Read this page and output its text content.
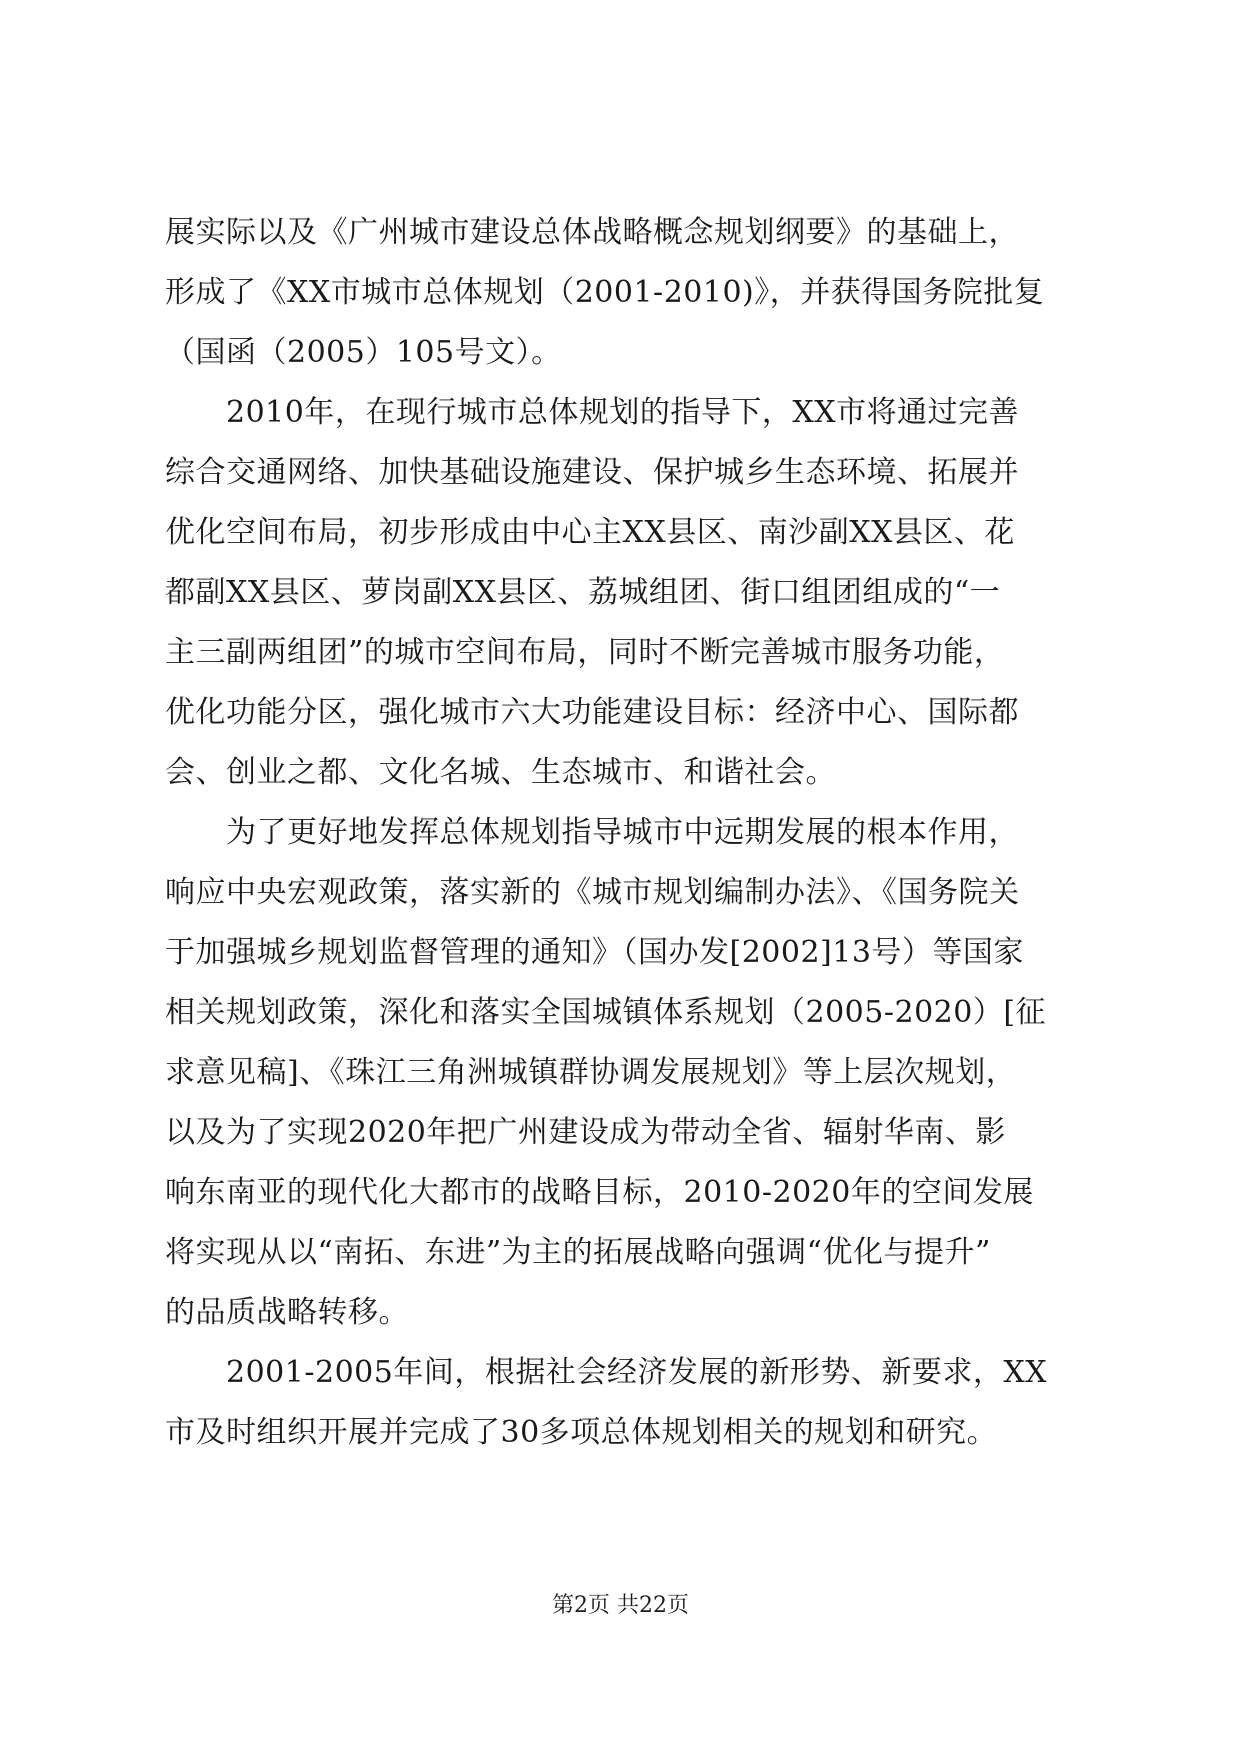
展实际以及《广州城市建设总体战略概念规划纲要》的基础上，
形成了《XX市城市总体规划（2001-2010)》，并获得国务院批复
（国函（2005）105号文）。
　　2010年，在现行城市总体规划的指导下，XX市将通过完善
综合交通网络、加快基础设施建设、保护城乡生态环境、拓展并
优化空间布局，初步形成由中心主XX县区、南沙副XX县区、花
都副XX县区、萝岗副XX县区、荔城组团、街口组团组成的“一
主三副两组团”的城市空间布局，同时不断完善城市服务功能，
优化功能分区，强化城市六大功能建设目标：经济中心、国际都
会、创业之都、文化名城、生态城市、和谐社会。
　　为了更好地发挥总体规划指导城市中远期发展的根本作用，
响应中央宏观政策，落实新的《城市规划编制办法》、《国务院关
于加强城乡规划监督管理的通知》（国办发[2002]13号）等国家
相关规划政策，深化和落实全国城镇体系规划（2005-2020）[征
求意见稿]、《珠江三角洲城镇群协调发展规划》等上层次规划，
以及为了实现2020年把广州建设成为带动全省、辐射华南、影
响东南亚的现代化大都市的战略目标，2010-2020年的空间发展
将实现从以“南拓、东进”为主的拓展战略向强调“优化与提升”
的品质战略转移。
　　2001-2005年间，根据社会经济发展的新形势、新要求，XX
市及时组织开展并完成了30多项总体规划相关的规划和研究。
第2页 共22页
